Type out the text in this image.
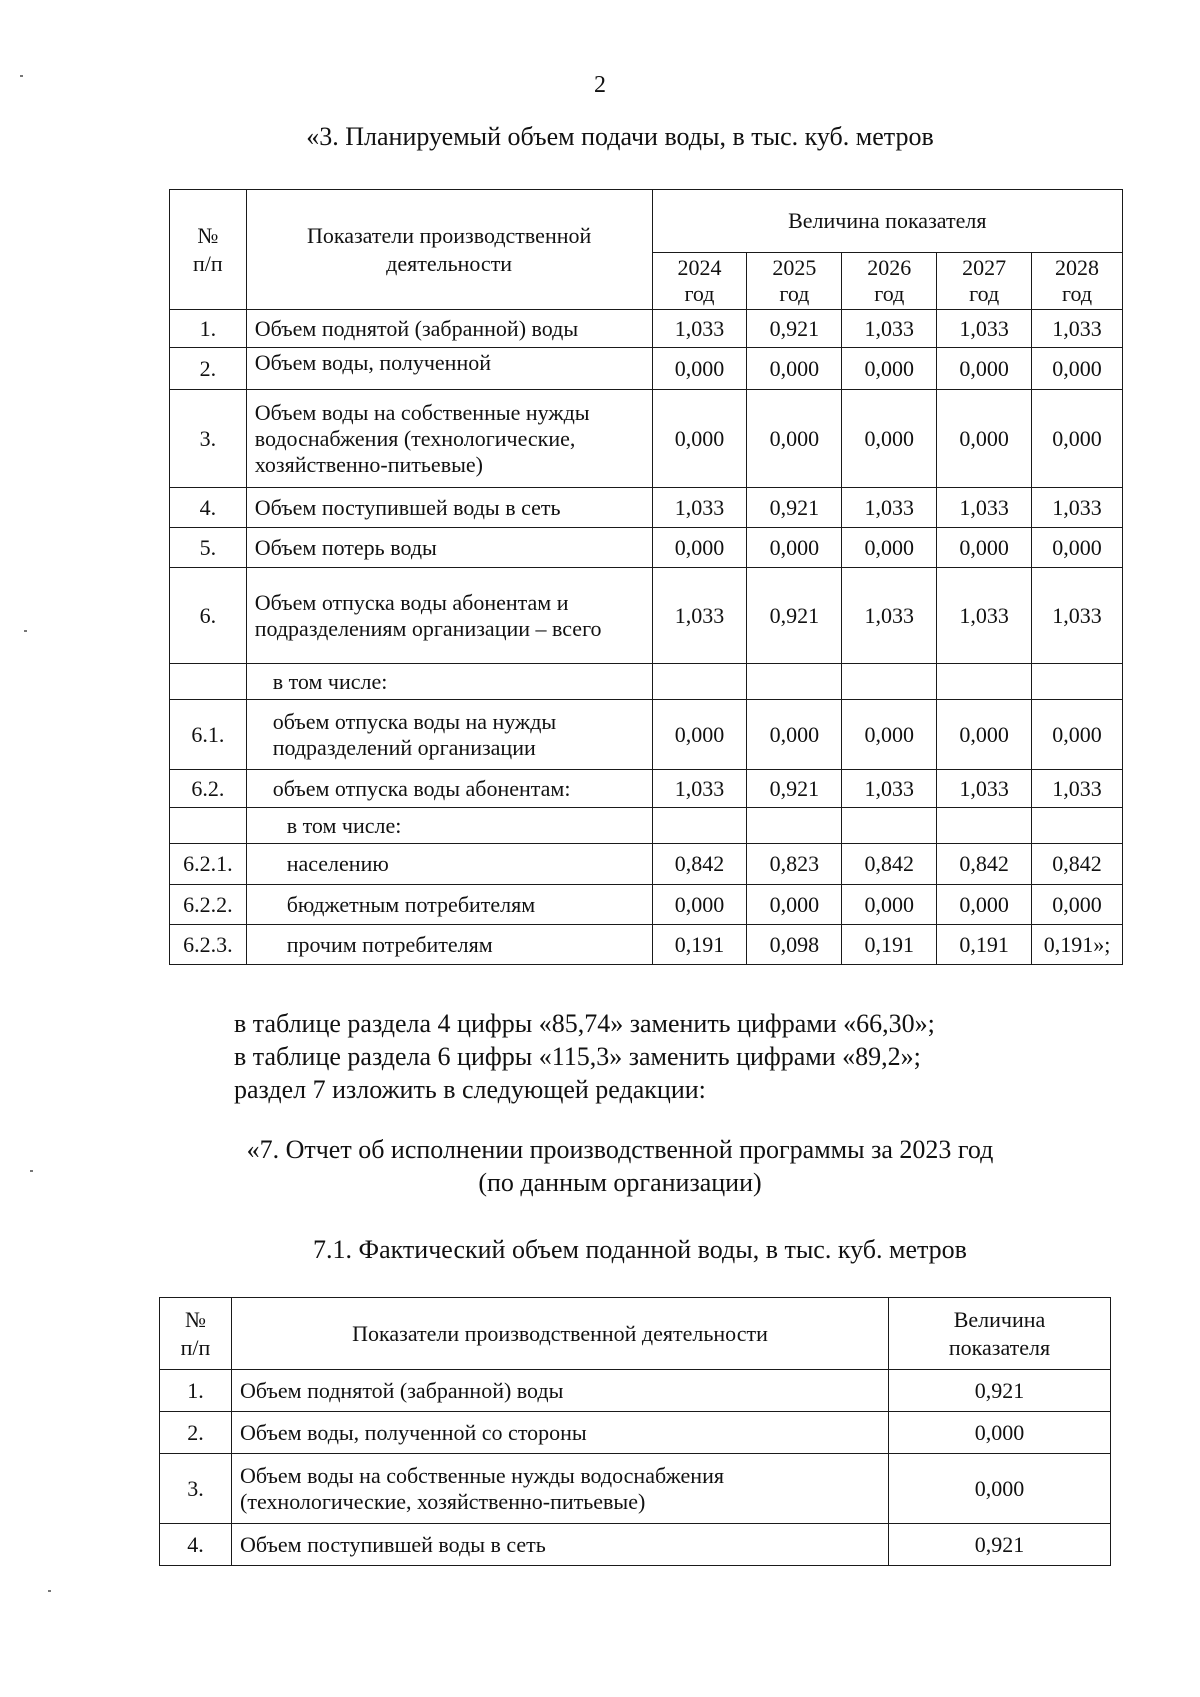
2
«3. Планируемый объем подачи воды, в тыс. куб. метров
№ п/п	Показатели производственной деятельности	Величина показателя				
		2024 год	2025 год	2026 год	2027 год	2028 год
1.	Объем поднятой (забранной) воды	1,033	0,921	1,033	1,033	1,033
2.	Объем воды, полученной	0,000	0,000	0,000	0,000	0,000
3.	Объем воды на собственные нужды водоснабжения (технологические, хозяйственно-питьевые)	0,000	0,000	0,000	0,000	0,000
4.	Объем поступившей воды в сеть	1,033	0,921	1,033	1,033	1,033
5.	Объем потерь воды	0,000	0,000	0,000	0,000	0,000
6.	Объем отпуска воды абонентам и подразделениям организации – всего	1,033	0,921	1,033	1,033	1,033
	в том числе:					
6.1.	объем отпуска воды на нужды подразделений организации	0,000	0,000	0,000	0,000	0,000
6.2.	объем отпуска воды абонентам:	1,033	0,921	1,033	1,033	1,033
	в том числе:					
6.2.1.	населению	0,842	0,823	0,842	0,842	0,842
6.2.2.	бюджетным потребителям	0,000	0,000	0,000	0,000	0,000
6.2.3.	прочим потребителям	0,191	0,098	0,191	0,191	0,191»;
в таблице раздела 4 цифры «85,74» заменить цифрами «66,30»;
в таблице раздела 6 цифры «115,3» заменить цифрами «89,2»;
раздел 7 изложить в следующей редакции:
«7. Отчет об исполнении производственной программы за 2023 год
(по данным организации)
7.1. Фактический объем поданной воды, в тыс. куб. метров
№ п/п	Показатели производственной деятельности	Величина показателя
1.	Объем поднятой (забранной) воды	0,921
2.	Объем воды, полученной со стороны	0,000
3.	Объем воды на собственные нужды водоснабжения (технологические, хозяйственно-питьевые)	0,000
4.	Объем поступившей воды в сеть	0,921
